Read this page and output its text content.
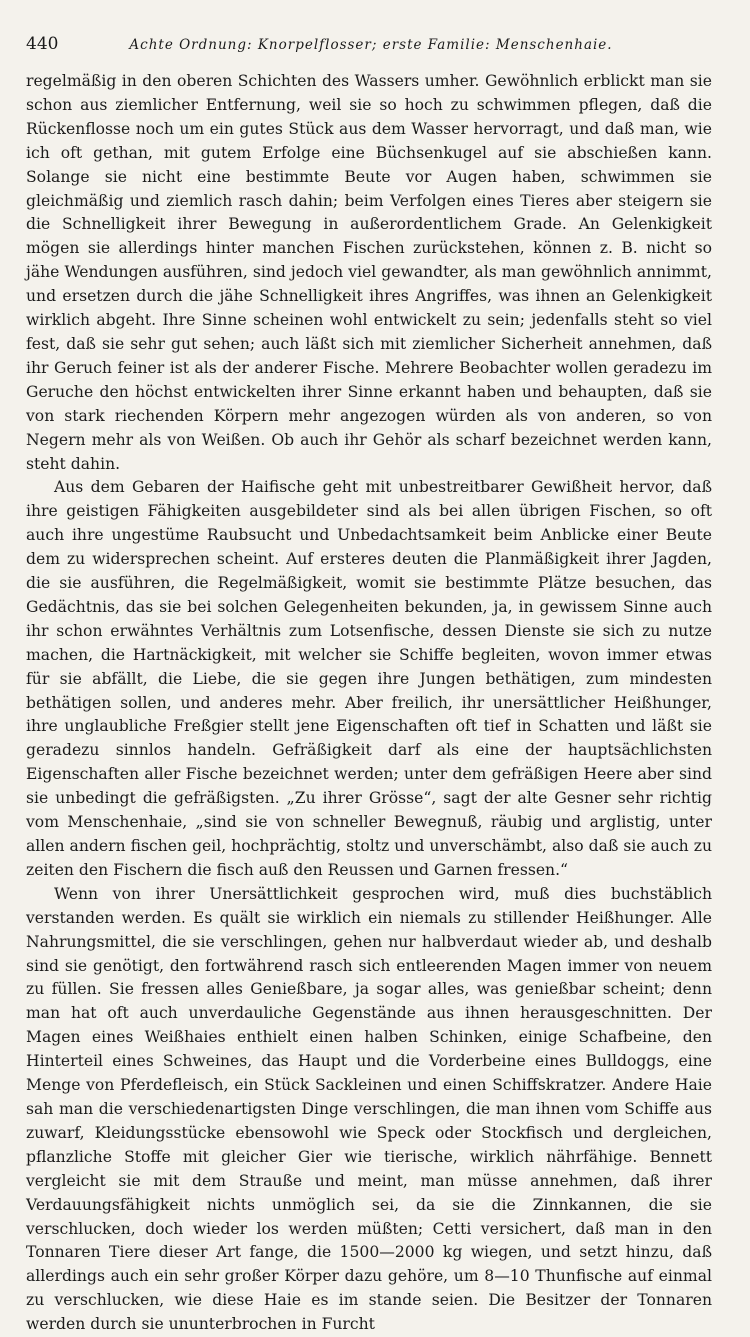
440	Achte Ordnung: Knorpelflosser; erste Familie: Menschenhaie.

regelmäßig in den oberen Schichten des Wassers umher. Gewöhnlich erblickt man sie schon aus ziemlicher Entfernung, weil sie so hoch zu schwimmen pflegen, daß die Rückenflosse noch um ein gutes Stück aus dem Wasser hervorragt, und daß man, wie ich oft gethan, mit gutem Erfolge eine Büchsenkugel auf sie abschießen kann. Solange sie nicht eine bestimmte Beute vor Augen haben, schwimmen sie gleichmäßig und ziemlich rasch dahin; beim Verfolgen eines Tieres aber steigern sie die Schnelligkeit ihrer Bewegung in außerordentlichem Grade. An Gelenkigkeit mögen sie allerdings hinter manchen Fischen zurückstehen, können z. B. nicht so jähe Wendungen ausführen, sind jedoch viel gewandter, als man gewöhnlich annimmt, und ersetzen durch die jähe Schnelligkeit ihres Angriffes, was ihnen an Gelenkigkeit wirklich abgeht. Ihre Sinne scheinen wohl entwickelt zu sein; jedenfalls steht so viel fest, daß sie sehr gut sehen; auch läßt sich mit ziemlicher Sicherheit annehmen, daß ihr Geruch feiner ist als der anderer Fische. Mehrere Beobachter wollen geradezu im Geruche den höchst entwickelten ihrer Sinne erkannt haben und behaupten, daß sie von stark riechenden Körpern mehr angezogen würden als von anderen, so von Negern mehr als von Weißen. Ob auch ihr Gehör als scharf bezeichnet werden kann, steht dahin.

Aus dem Gebaren der Haifische geht mit unbestreitbarer Gewißheit hervor, daß ihre geistigen Fähigkeiten ausgebildeter sind als bei allen übrigen Fischen, so oft auch ihre ungestüme Raubsucht und Unbedachtsamkeit beim Anblicke einer Beute dem zu widersprechen scheint. Auf ersteres deuten die Planmäßigkeit ihrer Jagden, die sie ausführen, die Regelmäßigkeit, womit sie bestimmte Plätze besuchen, das Gedächtnis, das sie bei solchen Gelegenheiten bekunden, ja, in gewissem Sinne auch ihr schon erwähntes Verhältnis zum Lotsenfische, dessen Dienste sie sich zu nutze machen, die Hartnäckigkeit, mit welcher sie Schiffe begleiten, wovon immer etwas für sie abfällt, die Liebe, die sie gegen ihre Jungen bethätigen, zum mindesten bethätigen sollen, und anderes mehr. Aber freilich, ihr unersättlicher Heißhunger, ihre unglaubliche Freßgier stellt jene Eigenschaften oft tief in Schatten und läßt sie geradezu sinnlos handeln. Gefräßigkeit darf als eine der hauptsächlichsten Eigenschaften aller Fische bezeichnet werden; unter dem gefräßigen Heere aber sind sie unbedingt die gefräßigsten. „Zu ihrer Grösse“, sagt der alte Gesner sehr richtig vom Menschenhaie, „sind sie von schneller Bewegnuß, räubig und arglistig, unter allen andern fischen geil, hochprächtig, stoltz und unverschämbt, also daß sie auch zu zeiten den Fischern die fisch auß den Reussen und Garnen fressen.“

Wenn von ihrer Unersättlichkeit gesprochen wird, muß dies buchstäblich verstanden werden. Es quält sie wirklich ein niemals zu stillender Heißhunger. Alle Nahrungsmittel, die sie verschlingen, gehen nur halbverdaut wieder ab, und deshalb sind sie genötigt, den fortwährend rasch sich entleerenden Magen immer von neuem zu füllen. Sie fressen alles Genießbare, ja sogar alles, was genießbar scheint; denn man hat oft auch unverdauliche Gegenstände aus ihnen herausgeschnitten. Der Magen eines Weißhaies enthielt einen halben Schinken, einige Schafbeine, den Hinterteil eines Schweines, das Haupt und die Vorderbeine eines Bulldoggs, eine Menge von Pferdefleisch, ein Stück Sackleinen und einen Schiffskratzer. Andere Haie sah man die verschiedenartigsten Dinge verschlingen, die man ihnen vom Schiffe aus zuwarf, Kleidungsstücke ebensowohl wie Speck oder Stockfisch und dergleichen, pflanzliche Stoffe mit gleicher Gier wie tierische, wirklich nährfähige. Bennett vergleicht sie mit dem Strauße und meint, man müsse annehmen, daß ihrer Verdauungsfähigkeit nichts unmöglich sei, da sie die Zinnkannen, die sie verschlucken, doch wieder los werden müßten; Cetti versichert, daß man in den Tonnaren Tiere dieser Art fange, die 1500—2000 kg wiegen, und setzt hinzu, daß allerdings auch ein sehr großer Körper dazu gehöre, um 8—10 Thunfische auf einmal zu verschlucken, wie diese Haie es im stande seien. Die Besitzer der Tonnaren werden durch sie ununterbrochen in Furcht
